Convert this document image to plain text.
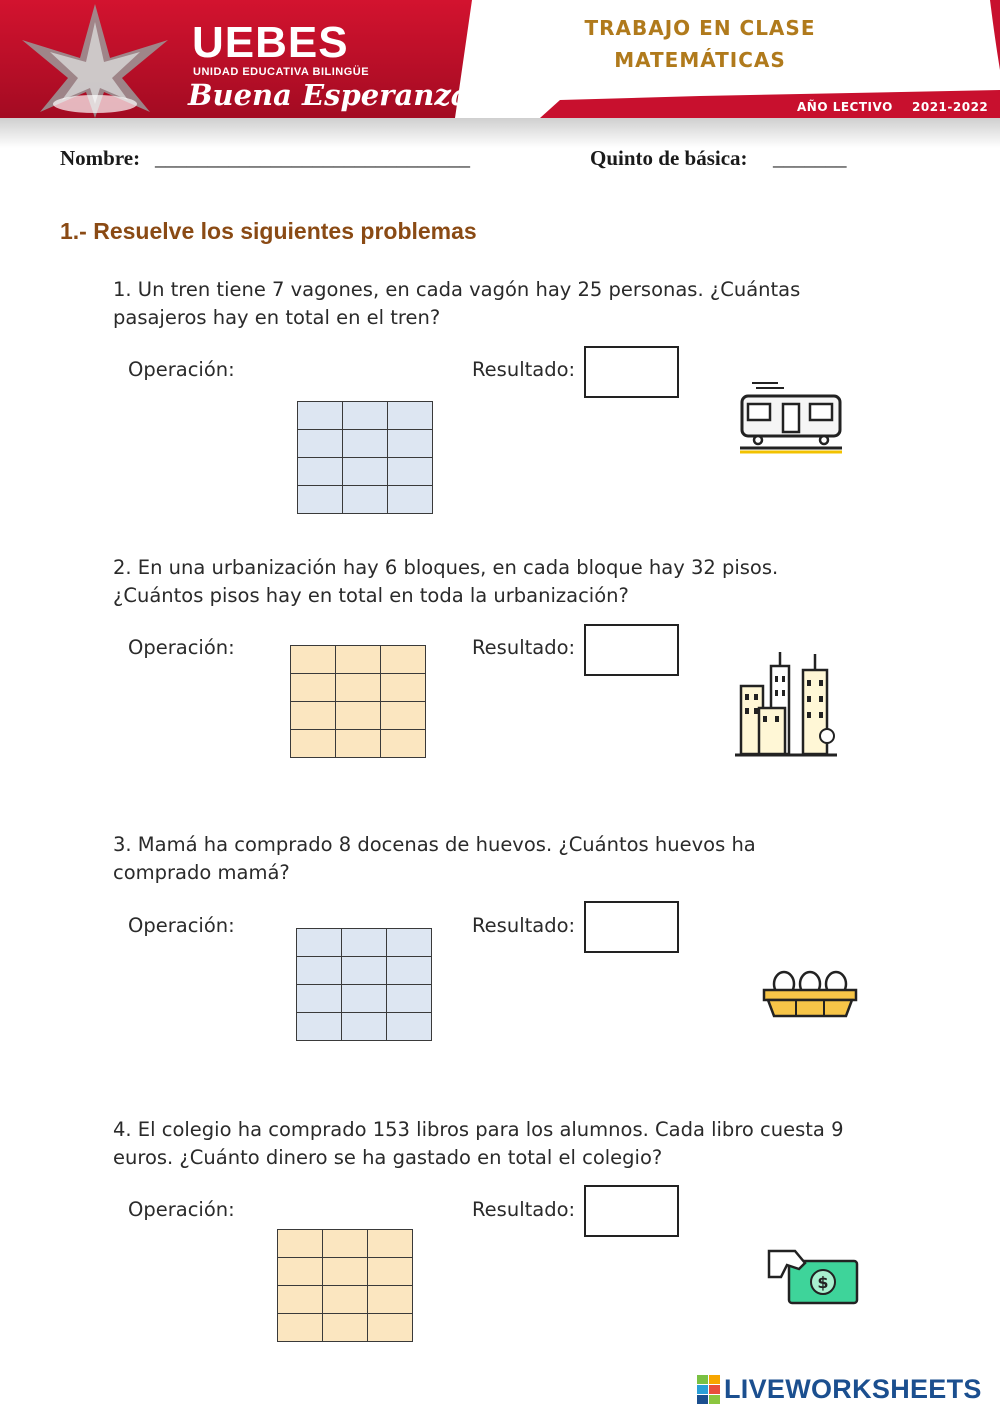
UEBES
UNIDAD EDUCATIVA BILINGÜE
Buena Esperanza
TRABAJO EN CLASE
MATEMÁTICAS
AÑO LECTIVO 2021-2022
Nombre: ______________________________	Quinto de básica: _______
1.- Resuelve los siguientes problemas
1. Un tren tiene 7 vagones, en cada vagón hay 25 personas. ¿Cuántas
pasajeros hay en total en el tren?
Operación:	Resultado:

2. En una urbanización hay 6 bloques, en cada bloque hay 32 pisos.
¿Cuántos pisos hay en total en toda la urbanización?
Operación:	Resultado:

3. Mamá ha comprado 8 docenas de huevos. ¿Cuántos huevos ha
comprado mamá?
Operación:	Resultado:

4. El colegio ha comprado 153 libros para los alumnos. Cada libro cuesta 9
euros. ¿Cuánto dinero se ha gastado en total el colegio?
Operación:	Resultado:

$
LIVEWORKSHEETS
